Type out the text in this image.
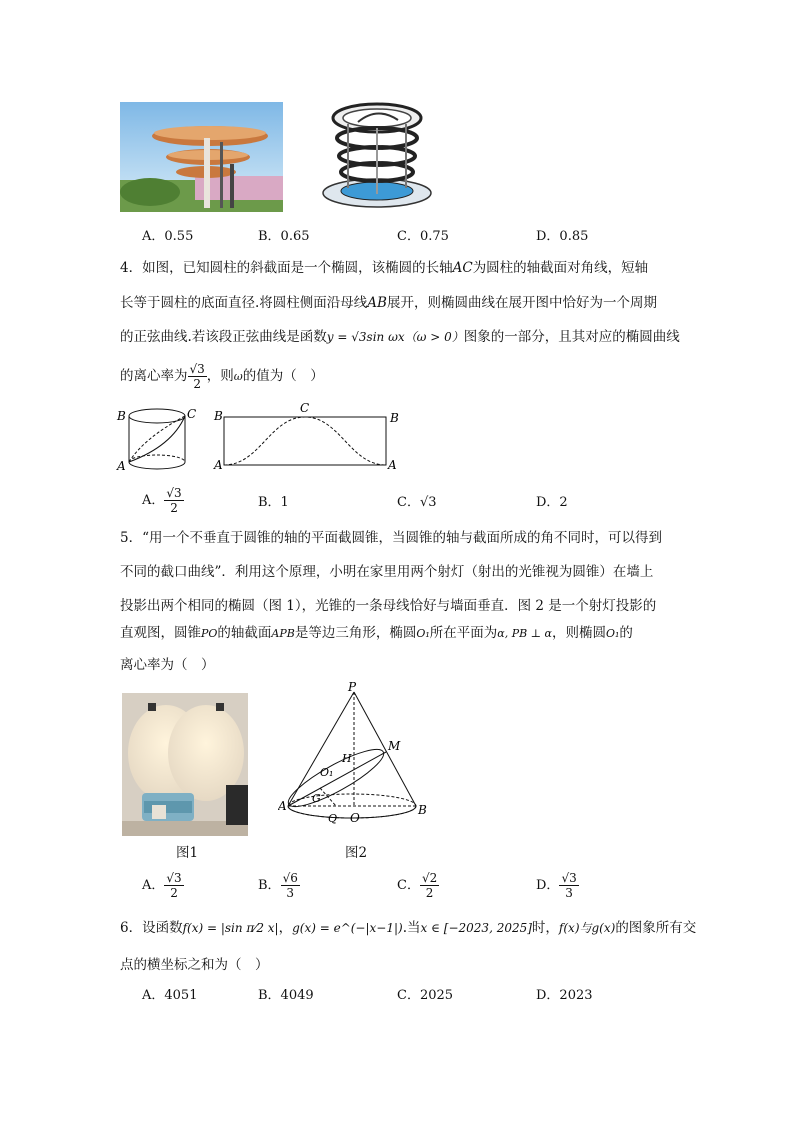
A．0.55	B．0.65	C．0.75	D．0.85
4．如图，已知圆柱的斜截面是一个椭圆，该椭圆的长轴AC为圆柱的轴截面对角线，短轴
长等于圆柱的底面直径.将圆柱侧面沿母线AB展开，则椭圆曲线在展开图中恰好为一个周期
的正弦曲线.若该段正弦曲线是函数y = √3sin ωx（ω > 0）图象的一部分，且其对应的椭圆曲线
的离心率为 $\frac{√3}{2}$ ，则ω的值为（　）
B	C
A
B
C
B
A	A
A． $\frac{√3}{2}$	B．1	C．√3	D．2
5．“用一个不垂直于圆锥的轴的平面截圆锥，当圆锥的轴与截面所成的角不同时，可以得到
不同的截口曲线”．利用这个原理，小明在家里用两个射灯（射出的光锥视为圆锥）在墙上
投影出两个相同的椭圆（图 1），光锥的一条母线恰好与墙面垂直．图 2 是一个射灯投影的
直观图，圆锥PO的轴截面APB是等边三角形，椭圆O₁所在平面为α, PB ⊥ α，则椭圆O₁的
离心率为（　）
图1
P
M
H
O₁
G
A
Q O
B
图2
A． $\frac{√3}{2}$	B． $\frac{√6}{3}$	C． $\frac{√2}{2}$	D． $\frac{√3}{3}$
6．设函数f(x) = |sin π⁄2 x|，g(x) = e^(−|x−1|).当x ∈ [−2023, 2025]时，f(x)与g(x)的图象所有交
点的横坐标之和为（　）
A．4051	B．4049	C．2025	D．2023
